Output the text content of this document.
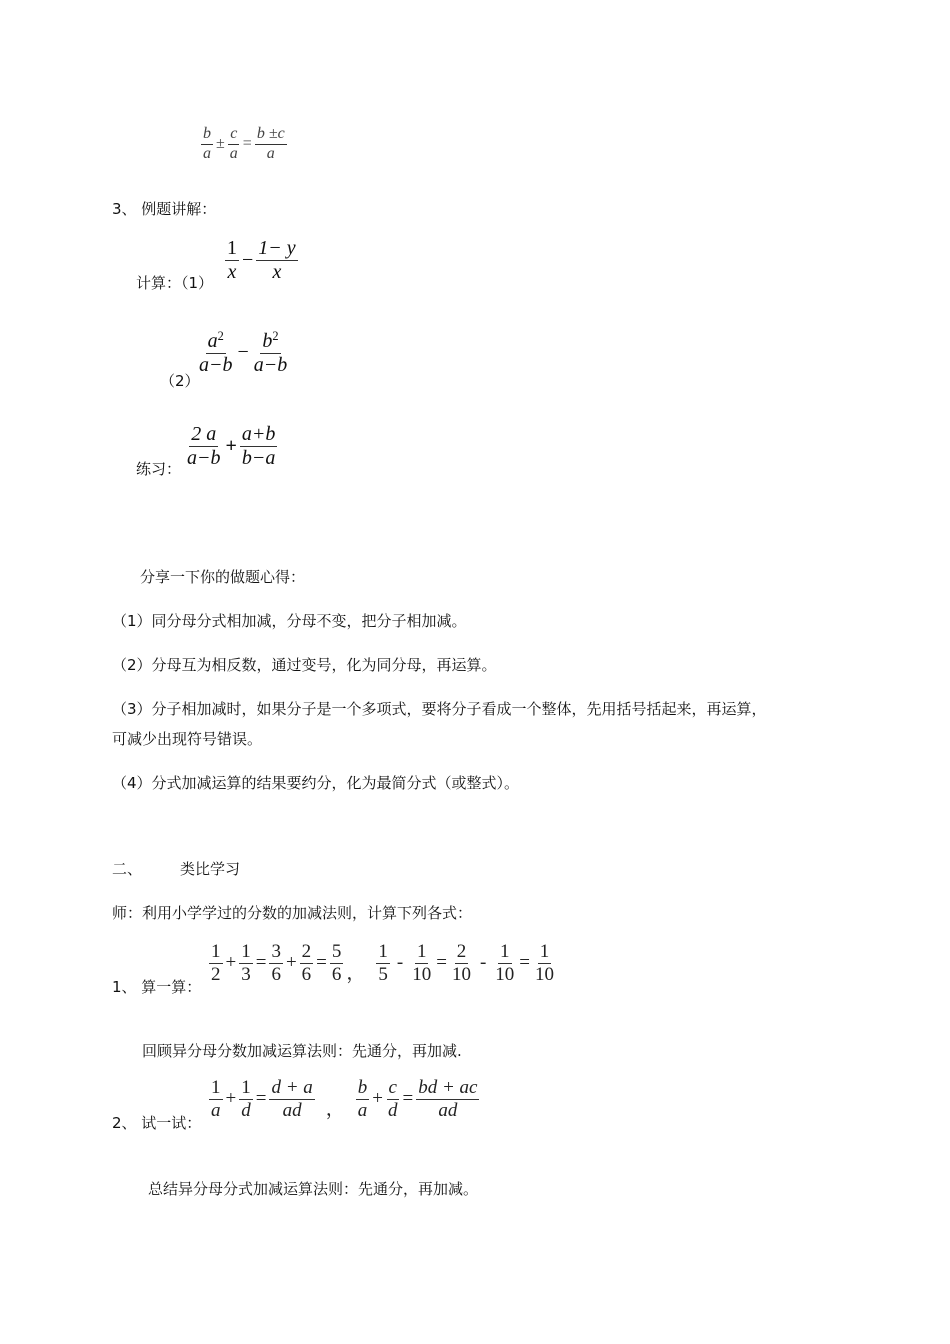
$\frac{b}{a} \pm \frac{c}{a} = \frac{b \pm c}{a}$
3、 例题讲解：
计算：$(1) \frac{1}{x} - \frac{1- y}{x}$
（2）
$\frac{a^2}{a-b} - \frac{b^2}{a-b}$
练习： $\frac{2 a}{a-b} + \frac{a+b}{b-a}$
分享一下你的做题心得：
（1）同分母分式相加减，分母不变，把分子相加减。
（2）分母互为相反数，通过变号，化为同分母，再运算。
（3）分子相加减时，如果分子是一个多项式，要将分子看成一个整体，先用括号括起来，再运算，
可减少出现符号错误。
（4）分式加减运算的结果要约分，化为最简分式（或整式）。
二、	类比学习
师：利用小学学过的分数的加减法则，计算下列各式：
1、 算一算：
$\frac{1}{2} + \frac{1}{3} = \frac{3}{6} + \frac{2}{6} = \frac{5}{6}$ ， $\frac{1}{5} - \frac{1}{10} = \frac{2}{10} - \frac{1}{10} = \frac{1}{10}$
回顾异分母分数加减运算法则：先通分，再加减.
2、 试一试：
$\frac{1}{a} + \frac{1}{d} = \frac{d + a}{ad}$ ， $\frac{b}{a} + \frac{c}{d} = \frac{bd + ac}{ad}$
总结异分母分式加减运算法则：先通分，再加减。
